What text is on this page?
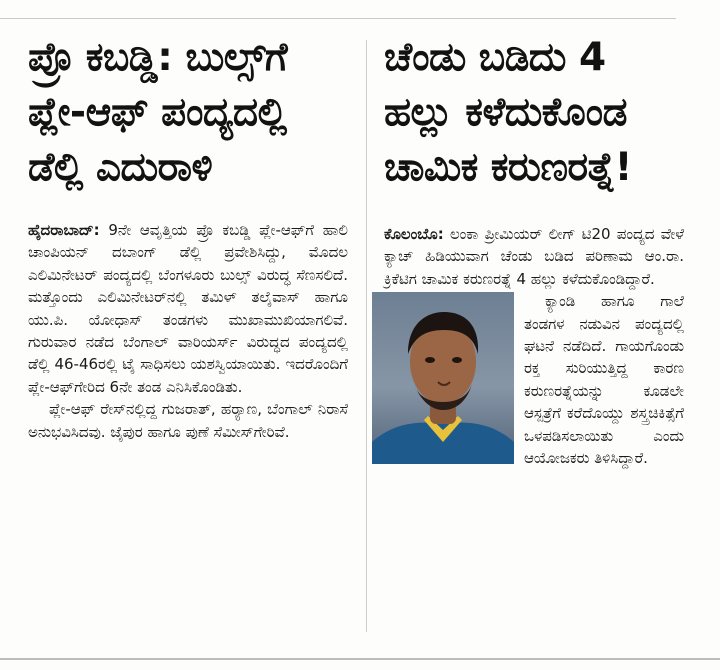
ಪ್ರೊ ಕಬಡ್ಡಿ: ಬುಲ್ಸ್‌ಗೆ
ಪ್ಲೇ-ಆಫ್ ಪಂದ್ಯದಲ್ಲಿ
ಡೆಲ್ಲಿ ಎದುರಾಳಿ

ಹೈದರಾಬಾದ್: 9ನೇ ಆವೃತ್ತಿಯ ಪ್ರೊ ಕಬಡ್ಡಿ ಪ್ಲೇ-ಆಫ್‌ಗೆ ಹಾಲಿ ಚಾಂಪಿಯನ್ ದಬಾಂಗ್ ಡೆಲ್ಲಿ ಪ್ರವೇಶಿಸಿದ್ದು, ಮೊದಲ ಎಲಿಮಿನೇಟರ್ ಪಂದ್ಯದಲ್ಲಿ ಬೆಂಗಳೂರು ಬುಲ್ಸ್ ವಿರುದ್ಧ ಸೆಣಸಲಿದೆ. ಮತ್ತೊಂದು ಎಲಿಮಿನೇಟರ್‌ನಲ್ಲಿ ತಮಿಳ್ ತಲೈವಾಸ್ ಹಾಗೂ ಯು.ಪಿ. ಯೋಧಾಸ್ ತಂಡಗಳು ಮುಖಾಮುಖಿಯಾಗಲಿವೆ. ಗುರುವಾರ ನಡೆದ ಬೆಂಗಾಲ್ ವಾರಿಯರ್ಸ್ ವಿರುದ್ಧದ ಪಂದ್ಯದಲ್ಲಿ ಡೆಲ್ಲಿ 46-46ರಲ್ಲಿ ಟೈ ಸಾಧಿಸಲು ಯಶಸ್ವಿಯಾಯಿತು. ಇದರೊಂದಿಗೆ ಪ್ಲೇ-ಆಫ್‌ಗೇರಿದ 6ನೇ ತಂಡ ಎನಿಸಿಕೊಂಡಿತು.

ಪ್ಲೇ-ಆಫ್ ರೇಸ್‌ನಲ್ಲಿದ್ದ ಗುಜರಾತ್, ಹರ್‍ಯಾಣ, ಬೆಂಗಾಲ್ ನಿರಾಸೆ ಅನುಭವಿಸಿದವು. ಜೈಪುರ ಹಾಗೂ ಪುಣೆ ಸೆಮೀಸ್‌ಗೇರಿವೆ.

ಚೆಂಡು ಬಡಿದು 4
ಹಲ್ಲು ಕಳೆದುಕೊಂಡ
ಚಾಮಿಕ ಕರುಣರತ್ನೆ!

ಕೊಲಂಬೊ: ಲಂಕಾ ಪ್ರೀಮಿಯರ್ ಲೀಗ್ ಟಿ20 ಪಂದ್ಯದ ವೇಳೆ ಕ್ಯಾಚ್ ಹಿಡಿಯುವಾಗ ಚೆಂಡು ಬಡಿದ ಪರಿಣಾಮ ಆಂ.ರಾ. ಕ್ರಿಕೆಟಿಗ ಚಾಮಿಕ ಕರುಣರತ್ನೆ 4 ಹಲ್ಲು ಕಳೆದುಕೊಂಡಿದ್ದಾರೆ.

ಕ್ಯಾಂಡಿ ಹಾಗೂ ಗಾಲೆ ತಂಡಗಳ ನಡುವಿನ ಪಂದ್ಯದಲ್ಲಿ ಘಟನೆ ನಡೆದಿದೆ. ಗಾಯಗೊಂಡು ರಕ್ತ ಸುರಿಯುತ್ತಿದ್ದ ಕಾರಣ ಕರುಣರತ್ನೆಯನ್ನು ಕೂಡಲೇ ಆಸ್ಪತ್ರೆಗೆ ಕರೆದೊಯ್ದು ಶಸ್ತ್ರಚಿಕಿತ್ಸೆಗೆ ಒಳಪಡಿಸಲಾಯಿತು ಎಂದು ಆಯೋಜಕರು ತಿಳಿಸಿದ್ದಾರೆ.
